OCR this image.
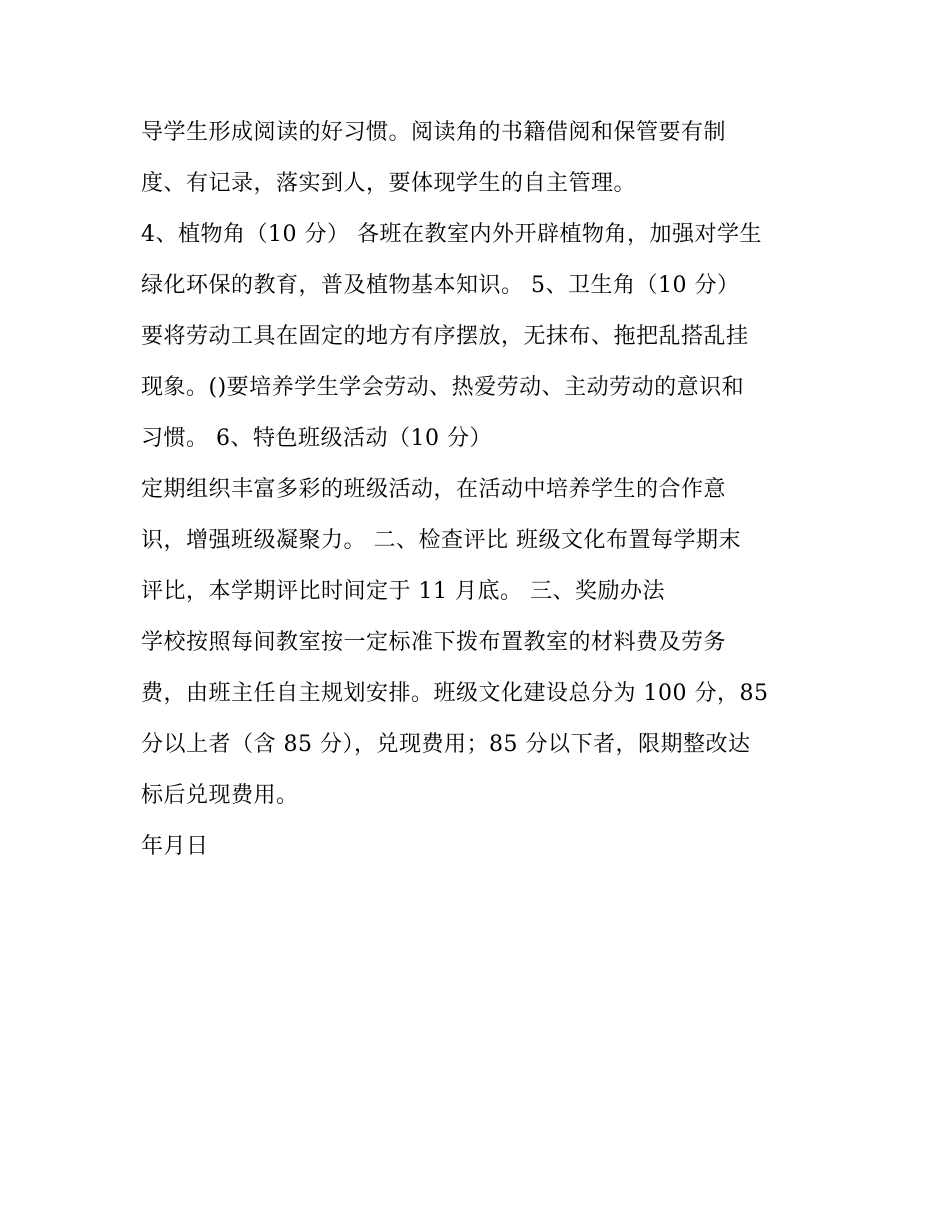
导学生形成阅读的好习惯。阅读角的书籍借阅和保管要有制
度、有记录，落实到人，要体现学生的自主管理。
4、植物角（10 分） 各班在教室内外开辟植物角，加强对学生
绿化环保的教育，普及植物基本知识。 5、卫生角（10 分）
要将劳动工具在固定的地方有序摆放，无抹布、拖把乱搭乱挂
现象。()要培养学生学会劳动、热爱劳动、主动劳动的意识和
习惯。 6、特色班级活动（10 分）
定期组织丰富多彩的班级活动，在活动中培养学生的合作意
识，增强班级凝聚力。 二、检查评比 班级文化布置每学期末
评比，本学期评比时间定于 11 月底。 三、奖励办法
学校按照每间教室按一定标准下拨布置教室的材料费及劳务
费，由班主任自主规划安排。班级文化建设总分为 100 分，85
分以上者（含 85 分），兑现费用；85 分以下者，限期整改达
标后兑现费用。
年月日
